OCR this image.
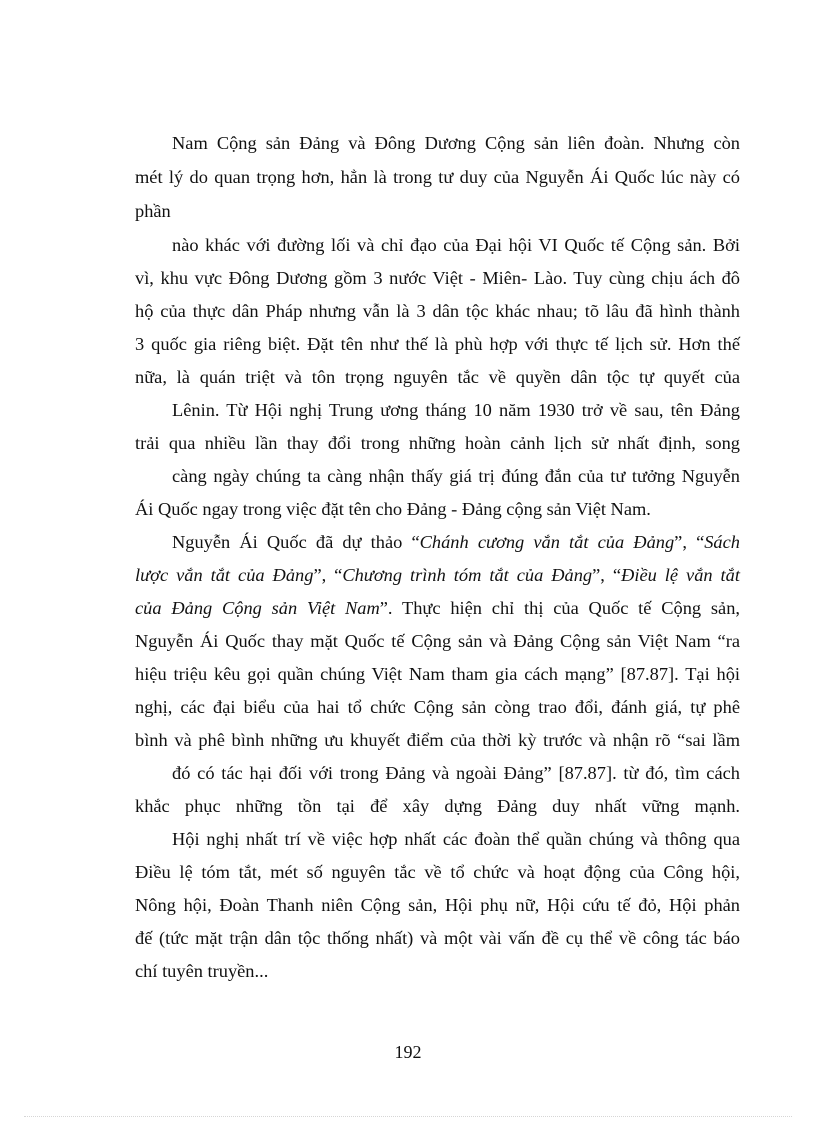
Nam Cộng sản Đảng và Đông Dương Cộng sản liên đoàn. Nhưng còn
mét lý do quan trọng hơn, hẳn là trong tư duy của Nguyễn Ái Quốc lúc này có
phần
nào khác với đường lối và chỉ đạo của Đại hội VI Quốc tế Cộng sản. Bởi
vì, khu vực Đông Dương gồm 3 nước Việt - Miên- Lào. Tuy cùng chịu ách đô
hộ của thực dân Pháp nhưng vẫn là 3 dân tộc khác nhau; tõ lâu đã hình thành
3 quốc gia riêng biệt. Đặt tên như thế là phù hợp với thực tế lịch sử. Hơn thế
nữa, là quán triệt và tôn trọng nguyên tắc về quyền dân tộc tự quyết của
Lênin. Từ Hội nghị Trung ương tháng 10 năm 1930 trở về sau, tên Đảng
trải qua nhiều lần thay đổi trong những hoàn cảnh lịch sử nhất định, song
càng ngày chúng ta càng nhận thấy giá trị đúng đắn của tư tưởng Nguyễn
Ái Quốc ngay trong việc đặt tên cho Đảng - Đảng cộng sản Việt Nam.
Nguyễn Ái Quốc đã dự thảo “Chánh cương vắn tắt của Đảng”, “Sách
lược vắn tắt của Đảng”, “Chương trình tóm tắt của Đảng”, “Điều lệ vắn tắt
của Đảng Cộng sản Việt Nam”. Thực hiện chỉ thị của Quốc tế Cộng sản,
Nguyễn Ái Quốc thay mặt Quốc tế Cộng sản và Đảng Cộng sản Việt Nam “ra
hiệu triệu kêu gọi quần chúng Việt Nam tham gia cách mạng” [87.87]. Tại hội
nghị, các đại biểu của hai tổ chức Cộng sản còng trao đổi, đánh giá, tự phê
bình và phê bình những ưu khuyết điểm của thời kỳ trước và nhận rõ “sai lầm
đó có tác hại đối với trong Đảng và ngoài Đảng” [87.87]. từ đó, tìm cách
khắc phục những tồn tại để xây dựng Đảng duy nhất vững mạnh.
Hội nghị nhất trí về việc hợp nhất các đoàn thể quần chúng và thông qua
Điều lệ tóm tắt, mét số nguyên tắc về tổ chức và hoạt động của Công hội,
Nông hội, Đoàn Thanh niên Cộng sản, Hội phụ nữ, Hội cứu tế đỏ, Hội phản
đế (tức mặt trận dân tộc thống nhất) và một vài vấn đề cụ thể về công tác báo
chí tuyên truyền...
192
